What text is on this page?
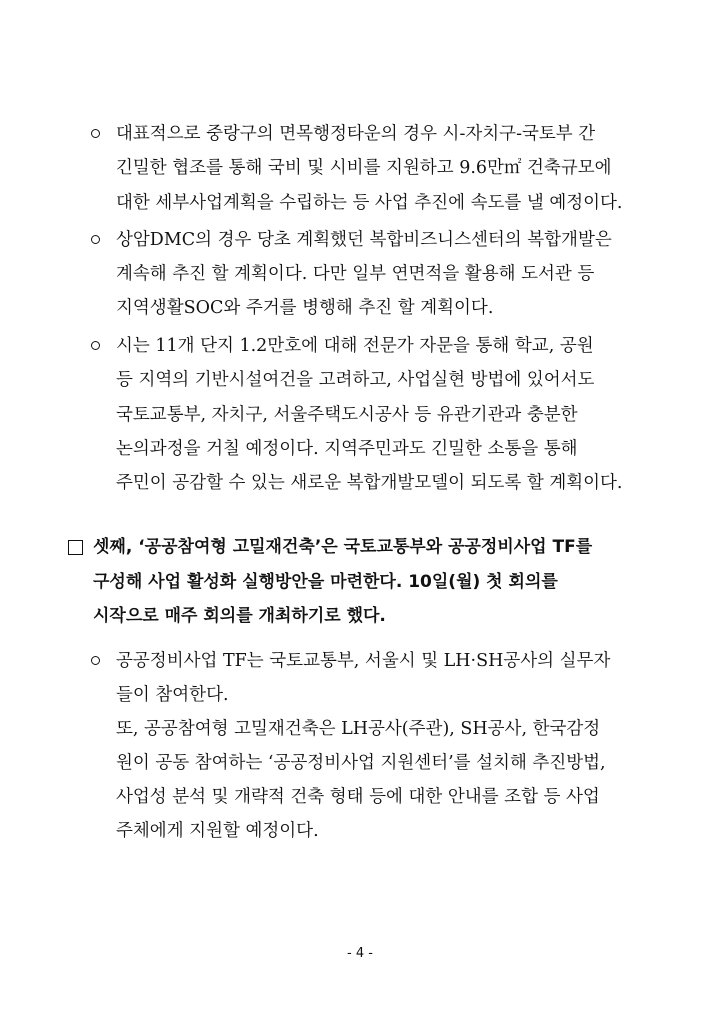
대표적으로 중랑구의 면목행정타운의 경우 시-자치구-국토부 간
긴밀한 협조를 통해 국비 및 시비를 지원하고 9.6만㎡ 건축규모에
대한 세부사업계획을 수립하는 등 사업 추진에 속도를 낼 예정이다.
상암DMC의 경우 당초 계획했던 복합비즈니스센터의 복합개발은
계속해 추진 할 계획이다. 다만 일부 연면적을 활용해 도서관 등
지역생활SOC와 주거를 병행해 추진 할 계획이다.
시는 11개 단지 1.2만호에 대해 전문가 자문을 통해 학교, 공원
등 지역의 기반시설여건을 고려하고, 사업실현 방법에 있어서도
국토교통부, 자치구, 서울주택도시공사 등 유관기관과 충분한
논의과정을 거칠 예정이다. 지역주민과도 긴밀한 소통을 통해
주민이 공감할 수 있는 새로운 복합개발모델이 되도록 할 계획이다.
셋째, ‘공공참여형 고밀재건축’은 국토교통부와 공공정비사업 TF를
구성해 사업 활성화 실행방안을 마련한다. 10일(월) 첫 회의를
시작으로 매주 회의를 개최하기로 했다.
공공정비사업 TF는 국토교통부, 서울시 및 LH·SH공사의 실무자
들이 참여한다.
또, 공공참여형 고밀재건축은 LH공사(주관), SH공사, 한국감정
원이 공동 참여하는 ‘공공정비사업 지원센터’를 설치해 추진방법,
사업성 분석 및 개략적 건축 형태 등에 대한 안내를 조합 등 사업
주체에게 지원할 예정이다.
- 4 -
